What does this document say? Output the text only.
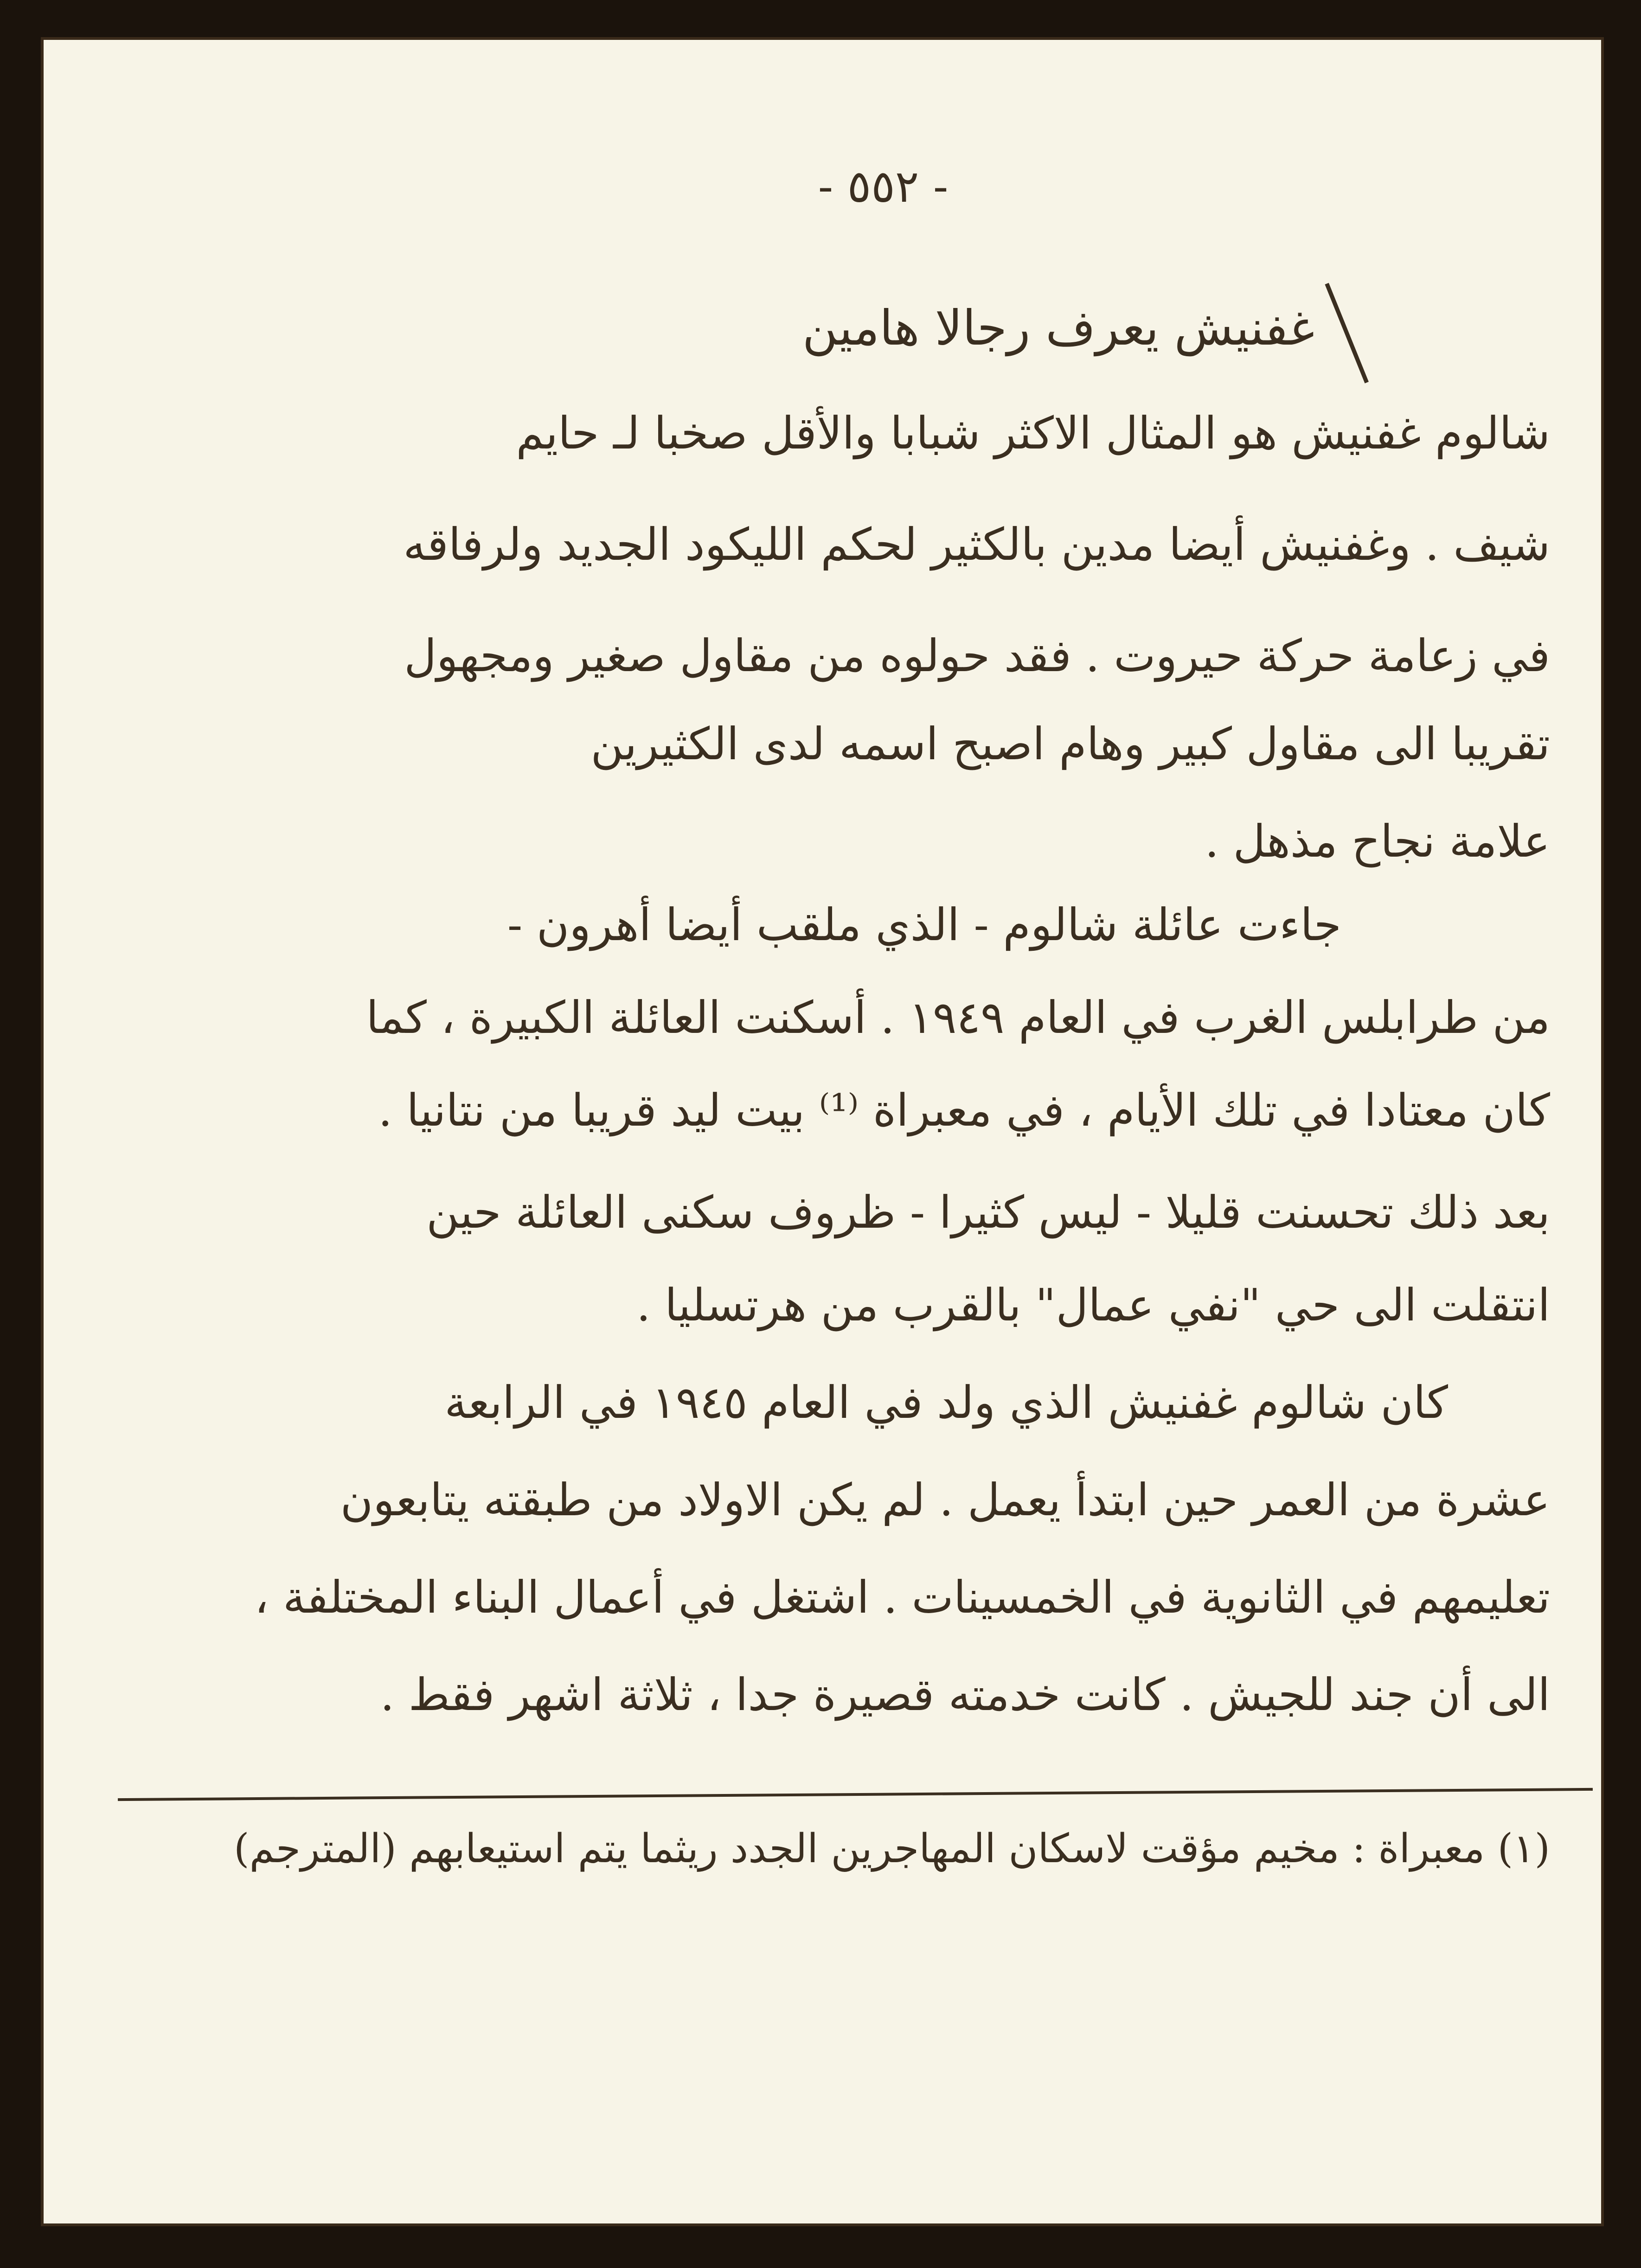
- ٥٥٢ -
غفنيش يعرف رجالا هامين
شالوم غفنيش هو المثال الاكثر شبابا والأقل صخبا لـ حايم
شيف . وغفنيش أيضا مدين بالكثير لحكم الليكود الجديد ولرفاقه
في زعامة حركة حيروت . فقد حولوه من مقاول صغير ومجهول
تقريبا الى مقاول كبير وهام اصبح اسمه لدى الكثيرين
علامة نجاح مذهل .
جاءت عائلة شالوم - الذي ملقب أيضا أهرون -
من طرابلس الغرب في العام ١٩٤٩ . أسكنت العائلة الكبيرة ، كما
كان معتادا في تلك الأيام ، في معبراة ⁽¹⁾ بيت ليد قريبا من نتانيا .
بعد ذلك تحسنت قليلا - ليس كثيرا - ظروف سكنى العائلة حين
انتقلت الى حي "نفي عمال" بالقرب من هرتسليا .
كان شالوم غفنيش الذي ولد في العام ١٩٤٥ في الرابعة
عشرة من العمر حين ابتدأ يعمل . لم يكن الاولاد من طبقته يتابعون
تعليمهم في الثانوية في الخمسينات . اشتغل في أعمال البناء المختلفة ،
الى أن جند للجيش . كانت خدمته قصيرة جدا ، ثلاثة اشهر فقط .
(١) معبراة : مخيم مؤقت لاسكان المهاجرين الجدد ريثما يتم استيعابهم (المترجم)
